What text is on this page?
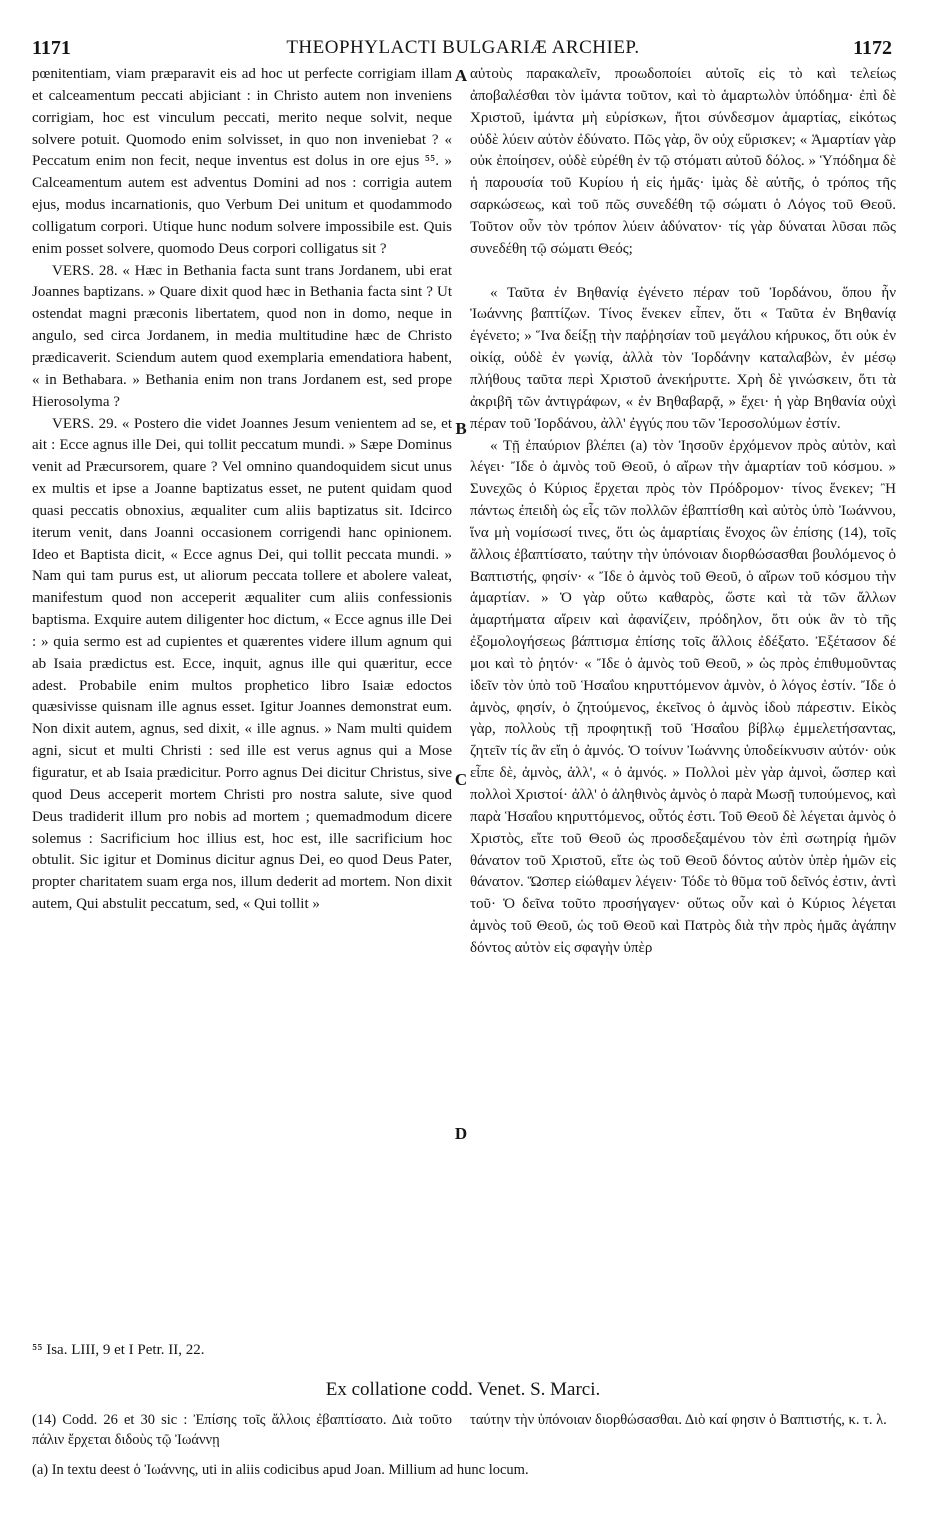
1171	THEOPHYLACTI BULGARIÆ ARCHIEP.	1172

pœnitentiam, viam præparavit eis ad hoc ut perfecte corrigiam illam et calceamentum peccati abjiciant : in Christo autem non inveniens corrigiam, hoc est vinculum peccati, merito neque solvit, neque solvere potuit. Quomodo enim solvisset, in quo non inveniebat ? « Peccatum enim non fecit, neque inventus est dolus in ore ejus ⁵⁵. » Calceamentum autem est adventus Domini ad nos : corrigia autem ejus, modus incarnationis, quo Verbum Dei unitum et quodammodo colligatum corpori. Utique hunc nodum solvere impossibile est. Quis enim posset solvere, quomodo Deus corpori colligatus sit ?

VERS. 28. « Hæc in Bethania facta sunt trans Jordanem, ubi erat Joannes baptizans. » Quare dixit quod hæc in Bethania facta sint ? Ut ostendat magni præconis libertatem, quod non in domo, neque in angulo, sed circa Jordanem, in media multitudine hæc de Christo prædicaverit. Sciendum autem quod exemplaria emendatiora habent, « in Bethabara. » Bethania enim non trans Jordanem est, sed prope Hierosolyma ?

VERS. 29. « Postero die videt Joannes Jesum venientem ad se, et ait : Ecce agnus ille Dei, qui tollit peccatum mundi. » Sæpe Dominus venit ad Præcursorem, quare ? Vel omnino quandoquidem sicut unus ex multis et ipse a Joanne baptizatus esset, ne putent quidam quod quasi peccatis obnoxius, æqualiter cum aliis baptizatus sit. Idcirco iterum venit, dans Joanni occasionem corrigendi hanc opinionem. Ideo et Baptista dicit, « Ecce agnus Dei, qui tollit peccata mundi. » Nam qui tam purus est, ut aliorum peccata tollere et abolere valeat, manifestum quod non acceperit æqualiter cum aliis confessionis baptisma. Exquire autem diligenter hoc dictum, « Ecce agnus ille Dei : » quia sermo est ad cupientes et quærentes videre illum agnum qui ab Isaia prædictus est. Ecce, inquit, agnus ille qui quæritur, ecce adest. Probabile enim multos prophetico libro Isaiæ edoctos quæsivisse quisnam ille agnus esset. Igitur Joannes demonstrat eum. Non dixit autem, agnus, sed dixit, « ille agnus. » Nam multi quidem agni, sicut et multi Christi : sed ille est verus agnus qui a Mose figuratur, et ab Isaia prædicitur. Porro agnus Dei dicitur Christus, sive quod Deus acceperit mortem Christi pro nostra salute, sive quod Deus tradiderit illum pro nobis ad mortem ; quemadmodum dicere solemus : Sacrificium hoc illius est, hoc est, ille sacrificium hoc obtulit. Sic igitur et Dominus dicitur agnus Dei, eo quod Deus Pater, propter charitatem suam erga nos, illum dederit ad mortem. Non dixit autem, Qui abstulit peccatum, sed, « Qui tollit »

A
B
C
D

αὐτοὺς παρακαλεῖν, προωδοποίει αὐτοῖς εἰς τὸ καὶ τελείως ἀποβαλέσθαι τὸν ἱμάντα τοῦτον, καὶ τὸ ἁμαρτωλὸν ὑπόδημα· ἐπὶ δὲ Χριστοῦ, ἱμάντα μὴ εὑρίσκων, ἤτοι σύνδεσμον ἁμαρτίας, εἰκότως οὐδὲ λύειν αὐτὸν ἐδύνατο. Πῶς γὰρ, ὃν οὐχ εὕρισκεν; « Ἁμαρτίαν γὰρ οὐκ ἐποίησεν, οὐδὲ εὑρέθη ἐν τῷ στόματι αὐτοῦ δόλος. » Ὑπόδημα δὲ ἡ παρουσία τοῦ Κυρίου ἡ εἰς ἡμᾶς· ἱμὰς δὲ αὐτῆς, ὁ τρόπος τῆς σαρκώσεως, καὶ τοῦ πῶς συνεδέθη τῷ σώματι ὁ Λόγος τοῦ Θεοῦ. Τοῦτον οὖν τὸν τρόπον λύειν ἀδύνατον· τίς γὰρ δύναται λῦσαι πῶς συνεδέθη τῷ σώματι Θεός;

« Ταῦτα ἐν Βηθανίᾳ ἐγένετο πέραν τοῦ Ἰορδάνου, ὅπου ἦν Ἰωάννης βαπτίζων. Τίνος ἕνεκεν εἶπεν, ὅτι « Ταῦτα ἐν Βηθανίᾳ ἐγένετο; » Ἵνα δείξῃ τὴν παῤῥησίαν τοῦ μεγάλου κήρυκος, ὅτι οὐκ ἐν οἰκίᾳ, οὐδὲ ἐν γωνίᾳ, ἀλλὰ τὸν Ἰορδάνην καταλαβὼν, ἐν μέσῳ πλήθους ταῦτα περὶ Χριστοῦ ἀνεκήρυττε. Χρὴ δὲ γινώσκειν, ὅτι τὰ ἀκριβῆ τῶν ἀντιγράφων, « ἐν Βηθαβαρᾷ, » ἔχει· ἡ γὰρ Βηθανία οὐχὶ πέραν τοῦ Ἰορδάνου, ἀλλ' ἐγγύς που τῶν Ἱεροσολύμων ἐστίν.

« Τῇ ἐπαύριον βλέπει (a) τὸν Ἰησοῦν ἐρχόμενον πρὸς αὐτὸν, καὶ λέγει· Ἴδε ὁ ἀμνὸς τοῦ Θεοῦ, ὁ αἴρων τὴν ἁμαρτίαν τοῦ κόσμου. » Συνεχῶς ὁ Κύριος ἔρχεται πρὸς τὸν Πρόδρομον· τίνος ἕνεκεν; Ἢ πάντως ἐπειδὴ ὡς εἷς τῶν πολλῶν ἐβαπτίσθη καὶ αὐτὸς ὑπὸ Ἰωάννου, ἵνα μὴ νομίσωσί τινες, ὅτι ὡς ἁμαρτίαις ἔνοχος ὢν ἐπίσης (14), τοῖς ἄλλοις ἐβαπτίσατο, ταύτην τὴν ὑπόνοιαν διορθώσασθαι βουλόμενος ὁ Βαπτιστής, φησίν· « Ἴδε ὁ ἀμνὸς τοῦ Θεοῦ, ὁ αἴρων τοῦ κόσμου τὴν ἁμαρτίαν. » Ὁ γὰρ οὕτω καθαρὸς, ὥστε καὶ τὰ τῶν ἄλλων ἁμαρτήματα αἴρειν καὶ ἀφανίζειν, πρόδηλον, ὅτι οὐκ ἂν τὸ τῆς ἐξομολογήσεως βάπτισμα ἐπίσης τοῖς ἄλλοις ἐδέξατο. Ἐξέτασον δέ μοι καὶ τὸ ῥητόν· « Ἴδε ὁ ἀμνὸς τοῦ Θεοῦ, » ὡς πρὸς ἐπιθυμοῦντας ἰδεῖν τὸν ὑπὸ τοῦ Ἡσαΐου κηρυττόμενον ἀμνὸν, ὁ λόγος ἐστίν. Ἴδε ὁ ἀμνὸς, φησίν, ὁ ζητούμενος, ἐκεῖνος ὁ ἀμνὸς ἰδοὺ πάρεστιν. Εἰκὸς γὰρ, πολλοὺς τῇ προφητικῇ τοῦ Ἡσαΐου βίβλῳ ἐμμελετήσαντας, ζητεῖν τίς ἂν εἴη ὁ ἀμνός. Ὁ τοίνυν Ἰωάννης ὑποδείκνυσιν αὐτόν· οὐκ εἶπε δὲ, ἀμνὸς, ἀλλ', « ὁ ἀμνός. » Πολλοὶ μὲν γὰρ ἀμνοὶ, ὥσπερ καὶ πολλοὶ Χριστοί· ἀλλ' ὁ ἀληθινὸς ἀμνὸς ὁ παρὰ Μωσῇ τυπούμενος, καὶ παρὰ Ἡσαΐου κηρυττόμενος, οὗτός ἐστι. Τοῦ Θεοῦ δὲ λέγεται ἀμνὸς ὁ Χριστὸς, εἴτε τοῦ Θεοῦ ὡς προσδεξαμένου τὸν ἐπὶ σωτηρίᾳ ἡμῶν θάνατον τοῦ Χριστοῦ, εἴτε ὡς τοῦ Θεοῦ δόντος αὐτὸν ὑπὲρ ἡμῶν εἰς θάνατον. Ὥσπερ εἰώθαμεν λέγειν· Τόδε τὸ θῦμα τοῦ δεῖνός ἐστιν, ἀντὶ τοῦ· Ὁ δεῖνα τοῦτο προσήγαγεν· οὕτως οὖν καὶ ὁ Κύριος λέγεται ἀμνὸς τοῦ Θεοῦ, ὡς τοῦ Θεοῦ καὶ Πατρὸς διὰ τὴν πρὸς ἡμᾶς ἀγάπην δόντος αὐτὸν εἰς σφαγὴν ὑπὲρ

⁵⁵ Isa. LIII, 9 et I Petr. II, 22.
Ex collatione codd. Venet. S. Marci.

(14) Codd. 26 et 30 sic : Ἐπίσης τοῖς ἄλλοις ἐβαπτίσατο. Διὰ τοῦτο πάλιν ἔρχεται διδοὺς τῷ Ἰωάννῃ

ταύτην τὴν ὑπόνοιαν διορθώσασθαι. Διὸ καί φησιν ὁ Βαπτιστής, κ. τ. λ.

(a) In textu deest ὁ Ἰωάννης, uti in aliis codicibus apud Joan. Millium ad hunc locum.
